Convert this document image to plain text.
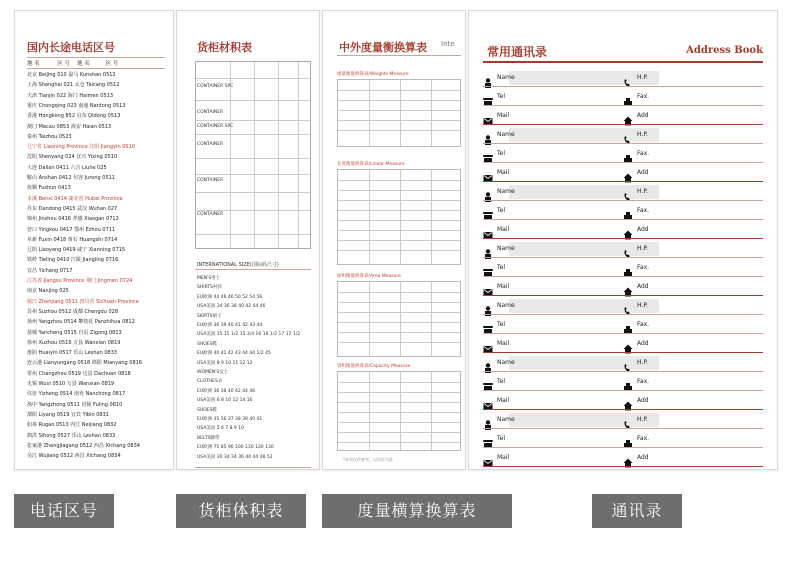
国内长途电话区号
地 名	区 号 地 名	区 号
北京 Beijing 010 温马 Kunshan 0512
上海 Shanghai 021 太仓 Taicang 0512
天津 Tianjin 022 海门 Haimen 0513
重庆 Chongqing 023 南通 Nantong 0513
香港 Hongkong 852 启东 Qidong 0513
澳门 Macau 0853 海安 Haian 0513
泰州 Taizhou 0523
辽宁省 Liaoning Province 江阴 Jiangyin 0510
沈阳 Shenyang 024 宜兴 Yixing 0510
大连 Dalian 0411 六合 Liuhe 025
鞍山 Anshan 0412 句容 Jurong 0511
抚顺 Fushun 0413
本溪 Benxi 0414 湖北省 Hubei Province
丹东 Dandong 0415 武汉 Wuhan 027
锦州 Jinzhou 0416 孝感 Xiaogan 0712
营口 Yingkou 0417 鄂州 Ezhou 0711
阜新 Fuxin 0418 黄石 Huangshi 0714
辽阳 Liaoyang 0419 咸宁 Xianning 0715
铁岭 Tieling 0410 江陵 Jiangling 0716
宜昌 Yichang 0717
江苏省 Jiangsu Province 荆门 Jingmen 0724
南京 Nanjing 025
镇江 Zhenjiang 0511 四川省 Sichuan Province
苏州 Suzhou 0512 成都 Chengdu 028
扬州 Yangzhou 0514 攀枝花 Panzhihua 0812
盐城 Yancheng 0515 自贡 Zigong 0813
徐州 Xuzhou 0516 万县 Wanxian 0819
淮阴 Huaiyin 0517 乐山 Leshan 0833
连云港 Lianyungang 0518 绵阳 Mianyang 0816
常州 Changzhou 0519 达县 Dachuan 0818
无锡 Wuxi 0510 万县 Wanxian 0819
仪征 Yizheng 0514 南充 Nanchong 0817
扬中 Yangzhong 0511 涪陵 Fuling 0810
溧阳 Liyang 0519 宜宾 Yibin 0831
如皋 Rugao 0513 内江 Neijiang 0832
泗洪 Sihong 0527 乐山 Leshan 0833
张家港 Zhangjiagang 0512 西昌 Xichang 0834
吴江 Wujiang 0512 西昌 Xichang 0834
货柜材积表
CONTAINER SPC
CONTAINER
CONTAINER SPC
CONTAINER
CONTAINER
CONTAINER
INTERNATIONAL SIZE(国际码尺寸)
MEN'S男士
SHIRTS衬衫
EU欧洲 44 46 46 50 52 54 56
USA美国 34 36 38 40 42 44 46
SKIRTS裙子
EU欧洲 36 39 40 41 42 43 44
USA美国 15.15 1/2 15 3/4 16 16 1/2 17 17 1/2
SHOES鞋
EU欧洲 40 41 42 43 44 44 1/2 45
USA美国 8 9 10 11 12 12
WOMEN'S女士
CLOTHES衣
EU欧洲 36 38 40 42 44 46
USA美国 6 8 10 12 14 16
SHOES鞋
EU欧洲 35 36 37 38 39 40 41
USA美国 5 6 7 8 9 10
BELTS腰带
EU欧洲 75 85 90 100 110 120 130
USA美国 30 34 34 36 40 44 48 52
中外度量衡换算表 Inte
重量衡量换算表/Weights Measure
长度衡量换算表/Linear Measure
面积衡量换算表/Area Measure
容积衡量换算表/Capacity Measure
*本表仅供参考，以实际为准
常用通讯录	Address Book
Name	H.P.
Tel	Fax.
Mail	Add
Name	H.P.
Tel	Fax.
Mail	Add
Name	H.P.
Tel	Fax.
Mail	Add
Name	H.P.
Tel	Fax.
Mail	Add
Name	H.P.
Tel	Fax.
Mail	Add
Name	H.P.
Tel	Fax.
Mail	Add
Name	H.P.
Tel	Fax.
Mail	Add
电话区号	货柜体积表	度量横算换算表	通讯录
